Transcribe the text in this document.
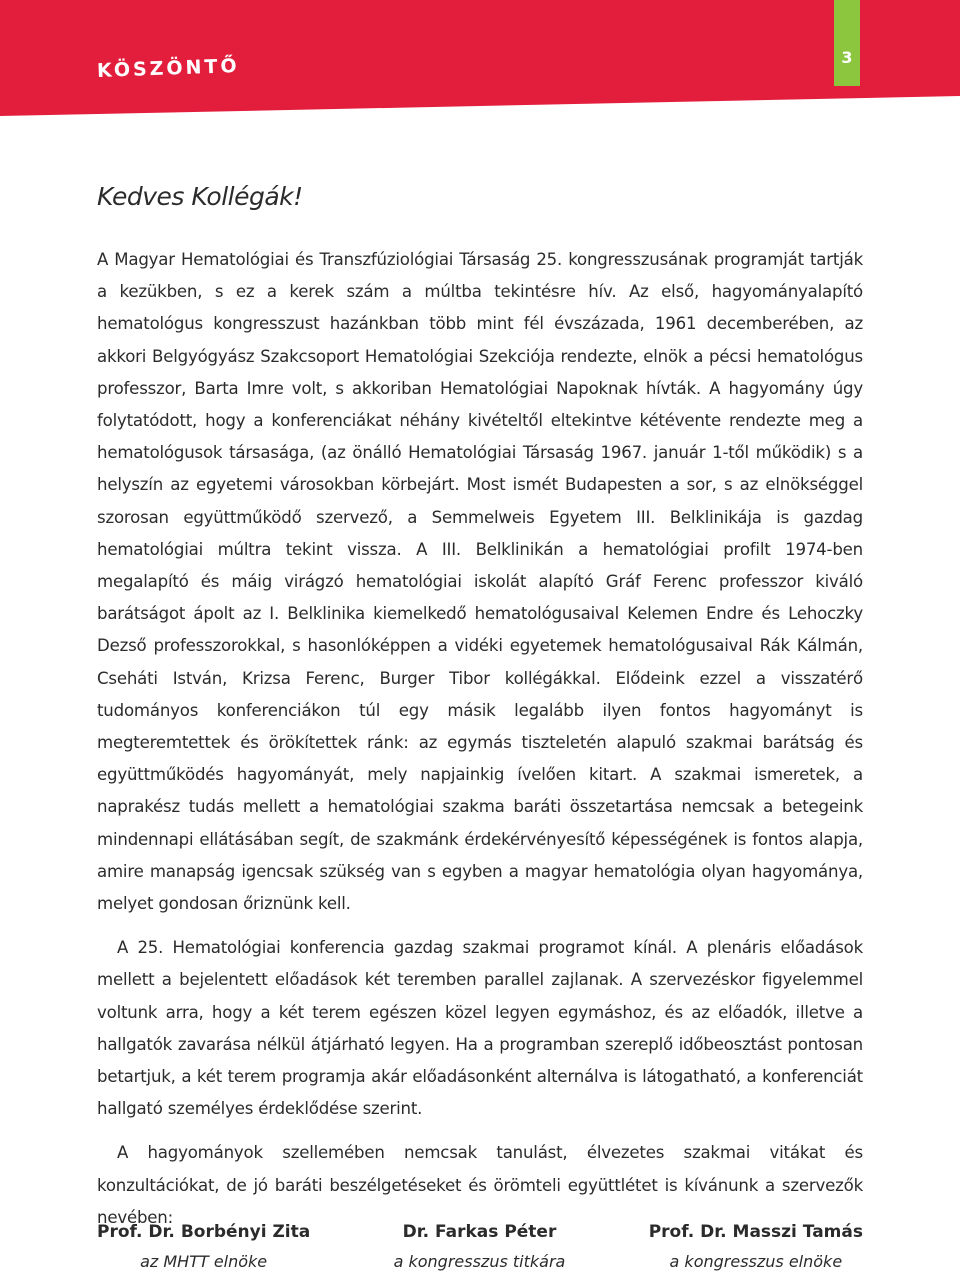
KÖSZÖNTŐ	3
Kedves Kollégák!

A Magyar Hematológiai és Transzfúziológiai Társaság 25. kongresszusának programját tartják a kezükben, s ez a kerek szám a múltba tekintésre hív. Az első, hagyományalapító hematológus kongresszust hazánkban több mint fél évszázada, 1961 decemberében, az akkori Belgyógyász Szakcsoport Hematológiai Szekciója rendezte, elnök a pécsi hematológus professzor, Barta Imre volt, s akkoriban Hematológiai Napoknak hívták. A hagyomány úgy folytatódott, hogy a konferenciákat néhány kivételtől eltekintve kétévente rendezte meg a hematológusok társasága, (az önálló Hematológiai Társaság 1967. január 1-től működik) s a helyszín az egyetemi városokban körbejárt. Most ismét Budapesten a sor, s az elnökséggel szorosan együttműködő szervező, a Semmelweis Egyetem III. Belklinikája is gazdag hematológiai múltra tekint vissza. A III. Belklinikán a hematológiai profilt 1974-ben megalapító és máig virágzó hematológiai iskolát alapító Gráf Ferenc professzor kiváló barátságot ápolt az I. Belklinika kiemelkedő hematológusaival Kelemen Endre és Lehoczky Dezső professzorokkal, s hasonlóképpen a vidéki egyetemek hematológusaival Rák Kálmán, Cseháti István, Krizsa Ferenc, Burger Tibor kollégákkal. Elődeink ezzel a visszatérő tudományos konferenciákon túl egy másik legalább ilyen fontos hagyományt is megteremtettek és örökítettek ránk: az egymás tiszteletén alapuló szakmai barátság és együttműködés hagyományát, mely napjainkig ívelően kitart. A szakmai ismeretek, a naprakész tudás mellett a hematológiai szakma baráti összetartása nemcsak a betegeink mindennapi ellátásában segít, de szakmánk érdekérvényesítő képességének is fontos alapja, amire manapság igencsak szükség van s egyben a magyar hematológia olyan hagyománya, melyet gondosan őriznünk kell.

A 25. Hematológiai konferencia gazdag szakmai programot kínál. A plenáris előadások mellett a bejelentett előadások két teremben parallel zajlanak. A szervezéskor figyelemmel voltunk arra, hogy a két terem egészen közel legyen egymáshoz, és az előadók, illetve a hallgatók zavarása nélkül átjárható legyen. Ha a programban szereplő időbeosztást pontosan betartjuk, a két terem programja akár előadásonként alternálva is látogatható, a konferenciát hallgató személyes érdeklődése szerint.

A hagyományok szellemében nemcsak tanulást, élvezetes szakmai vitákat és konzultációkat, de jó baráti beszélgetéseket és örömteli együttlétet is kívánunk a szervezők nevében:

Prof. Dr. Borbényi Zita
az MHTT elnöke
Dr. Farkas Péter
a kongresszus titkára
Prof. Dr. Masszi Tamás
a kongresszus elnöke
